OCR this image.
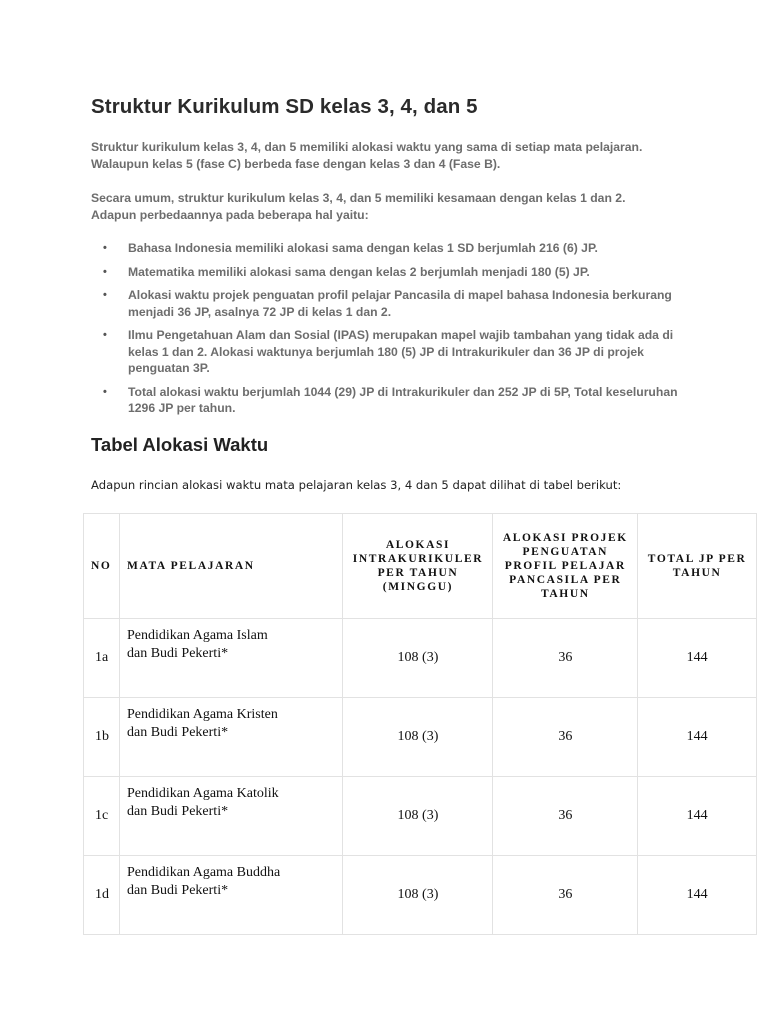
Struktur Kurikulum SD kelas 3, 4, dan 5

Struktur kurikulum kelas 3, 4, dan 5 memiliki alokasi waktu yang sama di setiap mata pelajaran. Walaupun kelas 5 (fase C) berbeda fase dengan kelas 3 dan 4 (Fase B).

Secara umum, struktur kurikulum kelas 3, 4, dan 5 memiliki kesamaan dengan kelas 1 dan 2. Adapun perbedaannya pada beberapa hal yaitu:

• Bahasa Indonesia memiliki alokasi sama dengan kelas 1 SD berjumlah 216 (6) JP.
• Matematika memiliki alokasi sama dengan kelas 2 berjumlah menjadi 180 (5) JP.
• Alokasi waktu projek penguatan profil pelajar Pancasila di mapel bahasa Indonesia berkurang menjadi 36 JP, asalnya 72 JP di kelas 1 dan 2.
• Ilmu Pengetahuan Alam dan Sosial (IPAS) merupakan mapel wajib tambahan yang tidak ada di kelas 1 dan 2. Alokasi waktunya berjumlah 180 (5) JP di Intrakurikuler dan 36 JP di projek penguatan 3P.
• Total alokasi waktu berjumlah 1044 (29) JP di Intrakurikuler dan 252 JP di 5P, Total keseluruhan 1296 JP per tahun.
Tabel Alokasi Waktu

Adapun rincian alokasi waktu mata pelajaran kelas 3, 4 dan 5 dapat dilihat di tabel berikut:

NO	MATA PELAJARAN	ALOKASI INTRAKURIKULER PER TAHUN (MINGGU)	ALOKASI PROJEK PENGUATAN PROFIL PELAJAR PANCASILA PER TAHUN	TOTAL JP PER TAHUN
1a	Pendidikan Agama Islam
dan Budi Pekerti*	108 (3)	36	144
1b	Pendidikan Agama Kristen
dan Budi Pekerti*	108 (3)	36	144
1c	Pendidikan Agama Katolik
dan Budi Pekerti*	108 (3)	36	144
1d	Pendidikan Agama Buddha
dan Budi Pekerti*	108 (3)	36	144
